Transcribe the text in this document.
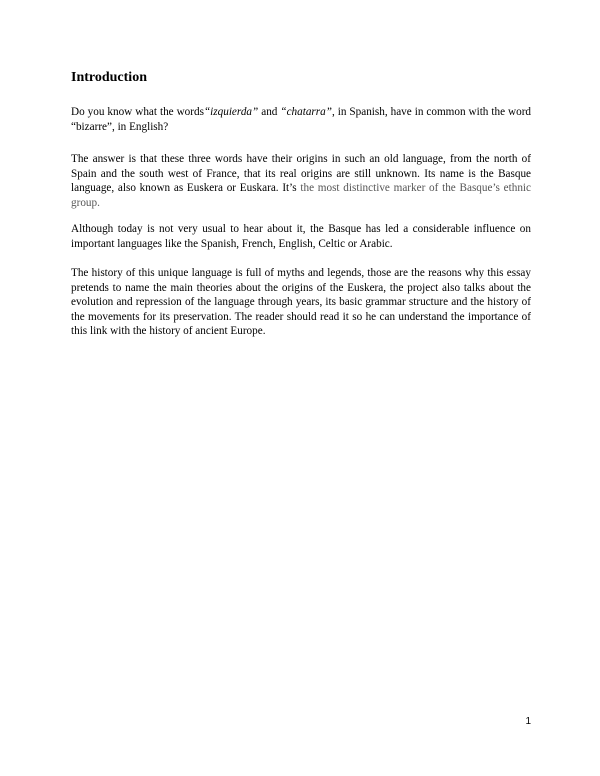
Introduction

Do you know what the words“izquierda” and “chatarra”, in Spanish, have in common with the word “bizarre”, in English?

The answer is that these three words have their origins in such an old language, from the north of Spain and the south west of France, that its real origins are still unknown. Its name is the Basque language, also known as Euskera or Euskara. It’s the most distinctive marker of the Basque’s ethnic group.

Although today is not very usual to hear about it, the Basque has led a considerable influence on important languages like the Spanish, French, English, Celtic or Arabic.

The history of this unique language is full of myths and legends, those are the reasons why this essay pretends to name the main theories about the origins of the Euskera, the project also talks about the evolution and repression of the language through years, its basic grammar structure and the history of the movements for its preservation. The reader should read it so he can understand the importance of this link with the history of ancient Europe.

1
